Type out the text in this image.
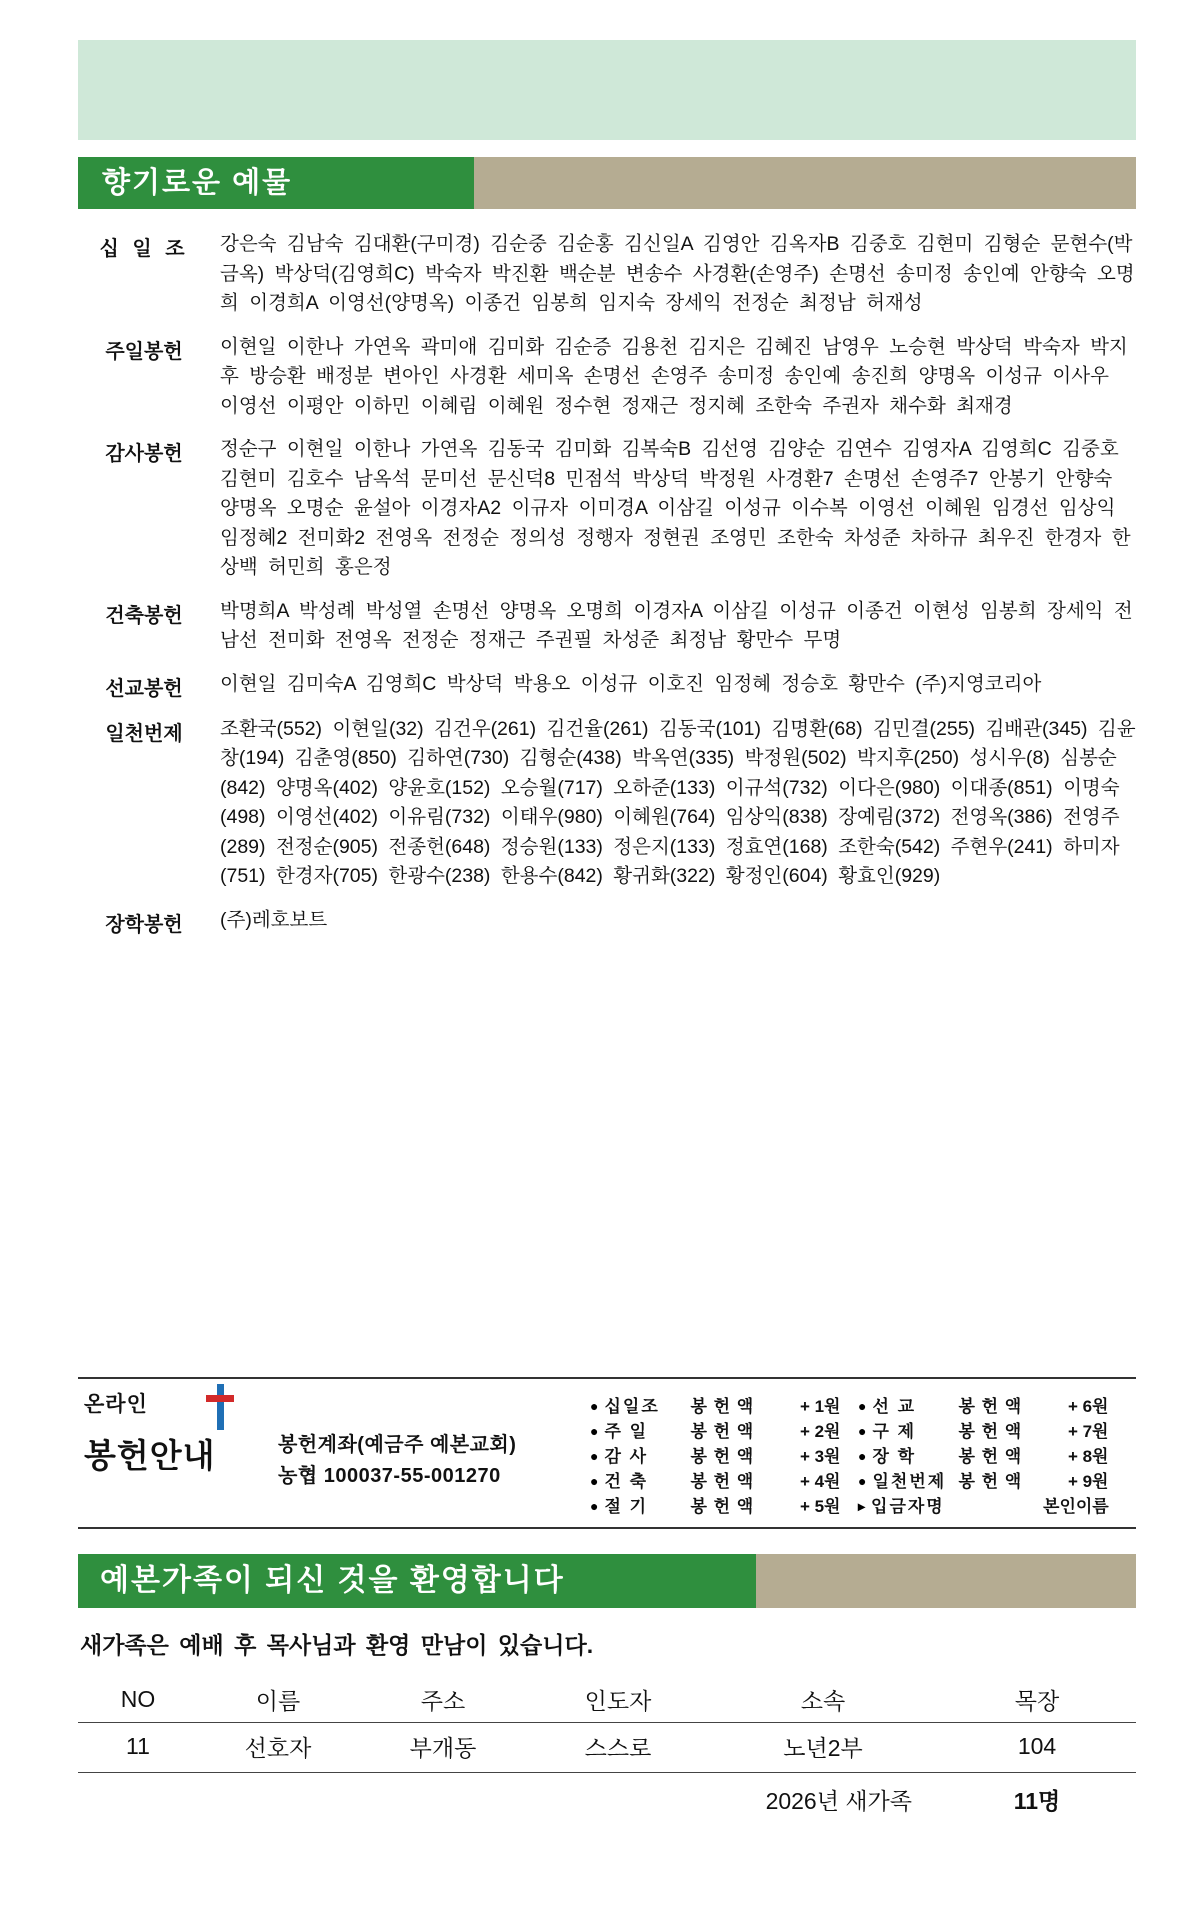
향기로운 예물
십 일 조	강은숙 김남숙 김대환(구미경) 김순중 김순홍 김신일A 김영안 김옥자B 김중호 김현미 김형순 문현수(박금옥) 박상덕(김영희C) 박숙자 박진환 백순분 변송수 사경환(손영주) 손명선 송미정 송인예 안향숙 오명희 이경희A 이영선(양명옥) 이종건 임봉희 임지숙 장세익 전정순 최정남 허재성
주일봉헌	이현일 이한나 가연옥 곽미애 김미화 김순증 김용천 김지은 김혜진 남영우 노승현 박상덕 박숙자 박지후 방승환 배정분 변아인 사경환 세미옥 손명선 손영주 송미정 송인예 송진희 양명옥 이성규 이사우 이영선 이평안 이하민 이혜림 이혜원 정수현 정재근 정지혜 조한숙 주권자 채수화 최재경
감사봉헌	정순구 이현일 이한나 가연옥 김동국 김미화 김복숙B 김선영 김양순 김연수 김영자A 김영희C 김중호 김현미 김호수 남옥석 문미선 문신덕8 민점석 박상덕 박정원 사경환7 손명선 손영주7 안봉기 안향숙 양명옥 오명순 윤설아 이경자A2 이규자 이미경A 이삼길 이성규 이수복 이영선 이혜원 임경선 임상익 임정혜2 전미화2 전영옥 전정순 정의성 정행자 정현권 조영민 조한숙 차성준 차하규 최우진 한경자 한상백 허민희 홍은정
건축봉헌	박명희A 박성례 박성열 손명선 양명옥 오명희 이경자A 이삼길 이성규 이종건 이현성 임봉희 장세익 전남선 전미화 전영옥 전정순 정재근 주권필 차성준 최정남 황만수 무명
선교봉헌	이현일 김미숙A 김영희C 박상덕 박용오 이성규 이호진 임정혜 정승호 황만수 (주)지영코리아
일천번제	조환국(552) 이현일(32) 김건우(261) 김건율(261) 김동국(101) 김명환(68) 김민결(255) 김배관(345) 김윤창(194) 김춘영(850) 김하연(730) 김형순(438) 박옥연(335) 박정원(502) 박지후(250) 성시우(8) 심봉순(842) 양명옥(402) 양윤호(152) 오승월(717) 오하준(133) 이규석(732) 이다은(980) 이대종(851) 이명숙(498) 이영선(402) 이유림(732) 이태우(980) 이혜원(764) 임상익(838) 장예림(372) 전영옥(386) 전영주(289) 전정순(905) 전종헌(648) 정승원(133) 정은지(133) 정효연(168) 조한숙(542) 주현우(241) 하미자(751) 한경자(705) 한광수(238) 한용수(842) 황귀화(322) 황정인(604) 황효인(929)
장학봉헌	(주)레호보트
온라인
봉헌안내	봉헌계좌(예금주 예본교회)
농협 100037-55-001270
● 십일조	봉 헌 액	+ 1원 ● 선 교	봉 헌 액	+ 6원
● 주 일	봉 헌 액	+ 2원 ● 구 제	봉 헌 액	+ 7원
● 감 사	봉 헌 액	+ 3원 ● 장 학	봉 헌 액	+ 8원
● 건 축	봉 헌 액	+ 4원 ● 일천번제 봉 헌 액	+ 9원
● 절 기	봉 헌 액	+ 5원 ▸ 입금자명	본인이름
예본가족이 되신 것을 환영합니다
새가족은 예배 후 목사님과 환영 만남이 있습니다.
NO	이름	주소	인도자	소속	목장
11	선호자	부개동	스스로	노년2부	104
2026년 새가족					11명
